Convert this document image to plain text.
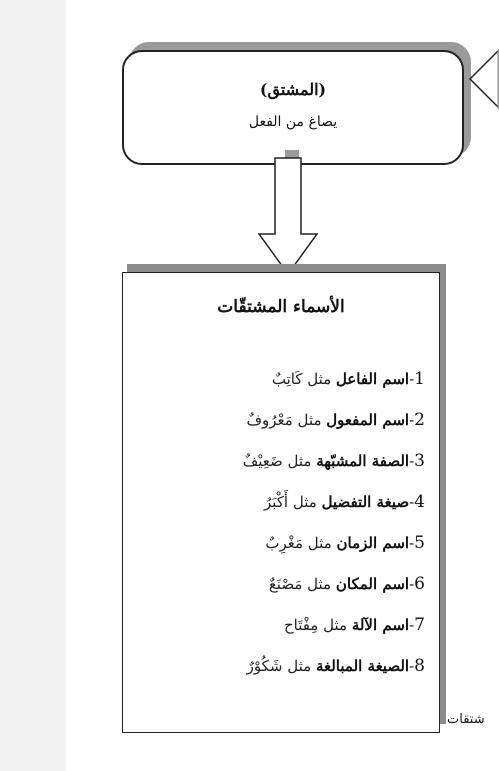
(المشتق)
يصاغ من الفعل
الأسماء المشتقّات
1-اسم الفاعل مثل كَاتِبٌ
2-اسم المفعول مثل مَعْرُوفٌ
3-الصفة المشبّهة مثل ضَعِيْفٌ
4-صيغة التفضيل مثل أَكْبَرُ
5-اسم الزمان مثل مَغْرِبٌ
6-اسم المكان مثل مَصْنَعٌ
7-اسم الآلة مثل مِفْتَاح
8-الصيغة المبالغة مثل شَكُوْرٌ
شتقات
